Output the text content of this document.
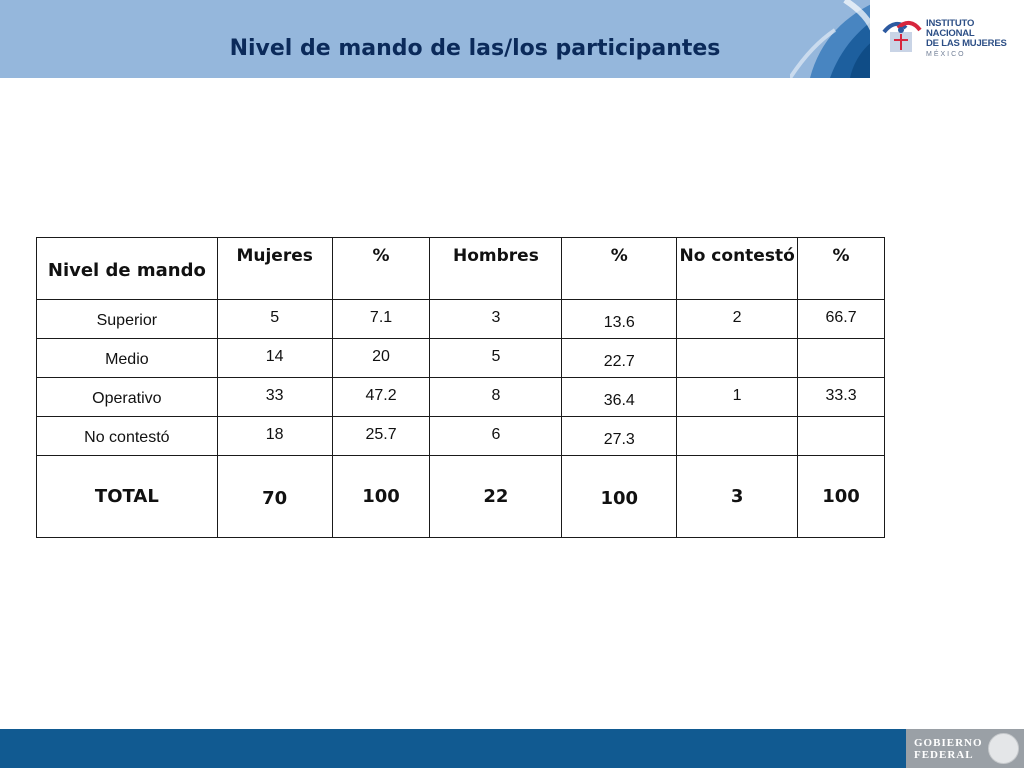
Nivel de mando de las/los participantes
INSTITUTO NACIONAL
DE LAS MUJERES
MÉXICO
Nivel de mando	Mujeres	%	Hombres	%	No contestó	%
Superior	5	7.1	3	13.6	2	66.7
Medio	14	20	5	22.7		
Operativo	33	47.2	8	36.4	1	33.3
No contestó	18	25.7	6	27.3		
TOTAL	70	100	22	100	3	100
GOBIERNO
FEDERAL
